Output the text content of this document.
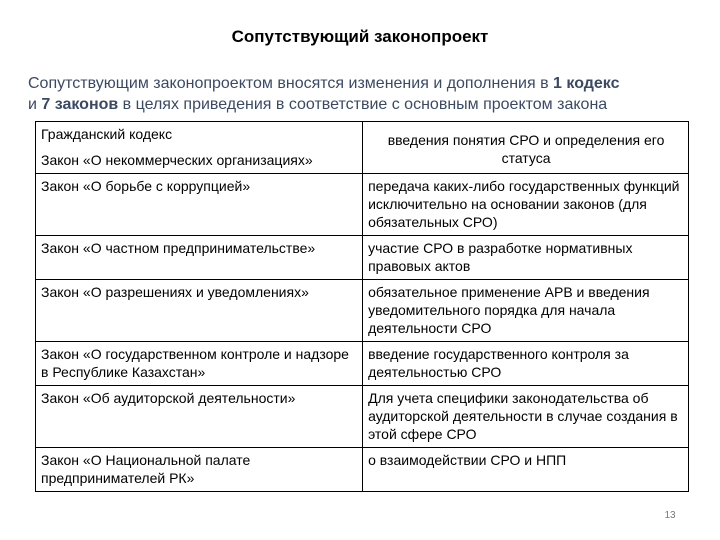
Сопутствующий законопроект
Сопутствующим законопроектом вносятся изменения и дополнения в 1 кодекс
и 7 законов в целях приведения в соответствие с основным проектом закона
Гражданский кодекс
Закон «О некоммерческих организациях»	введения понятия СРО и определения его статуса
Закон «О борьбе с коррупцией»	передача каких-либо государственных функций исключительно на основании законов (для обязательных СРО)
Закон «О частном предпринимательстве»	участие СРО в разработке нормативных правовых актов
Закон «О разрешениях и уведомлениях»	обязательное применение АРВ и введения уведомительного порядка для начала деятельности СРО
Закон «О государственном контроле и надзоре в Республике Казахстан»	введение государственного контроля за деятельностью СРО
Закон «Об аудиторской деятельности»	Для учета специфики законодательства об аудиторской деятельности в случае создания в этой сфере СРО
Закон «О Национальной палате предпринимателей РК»	о взаимодействии СРО и НПП
13
